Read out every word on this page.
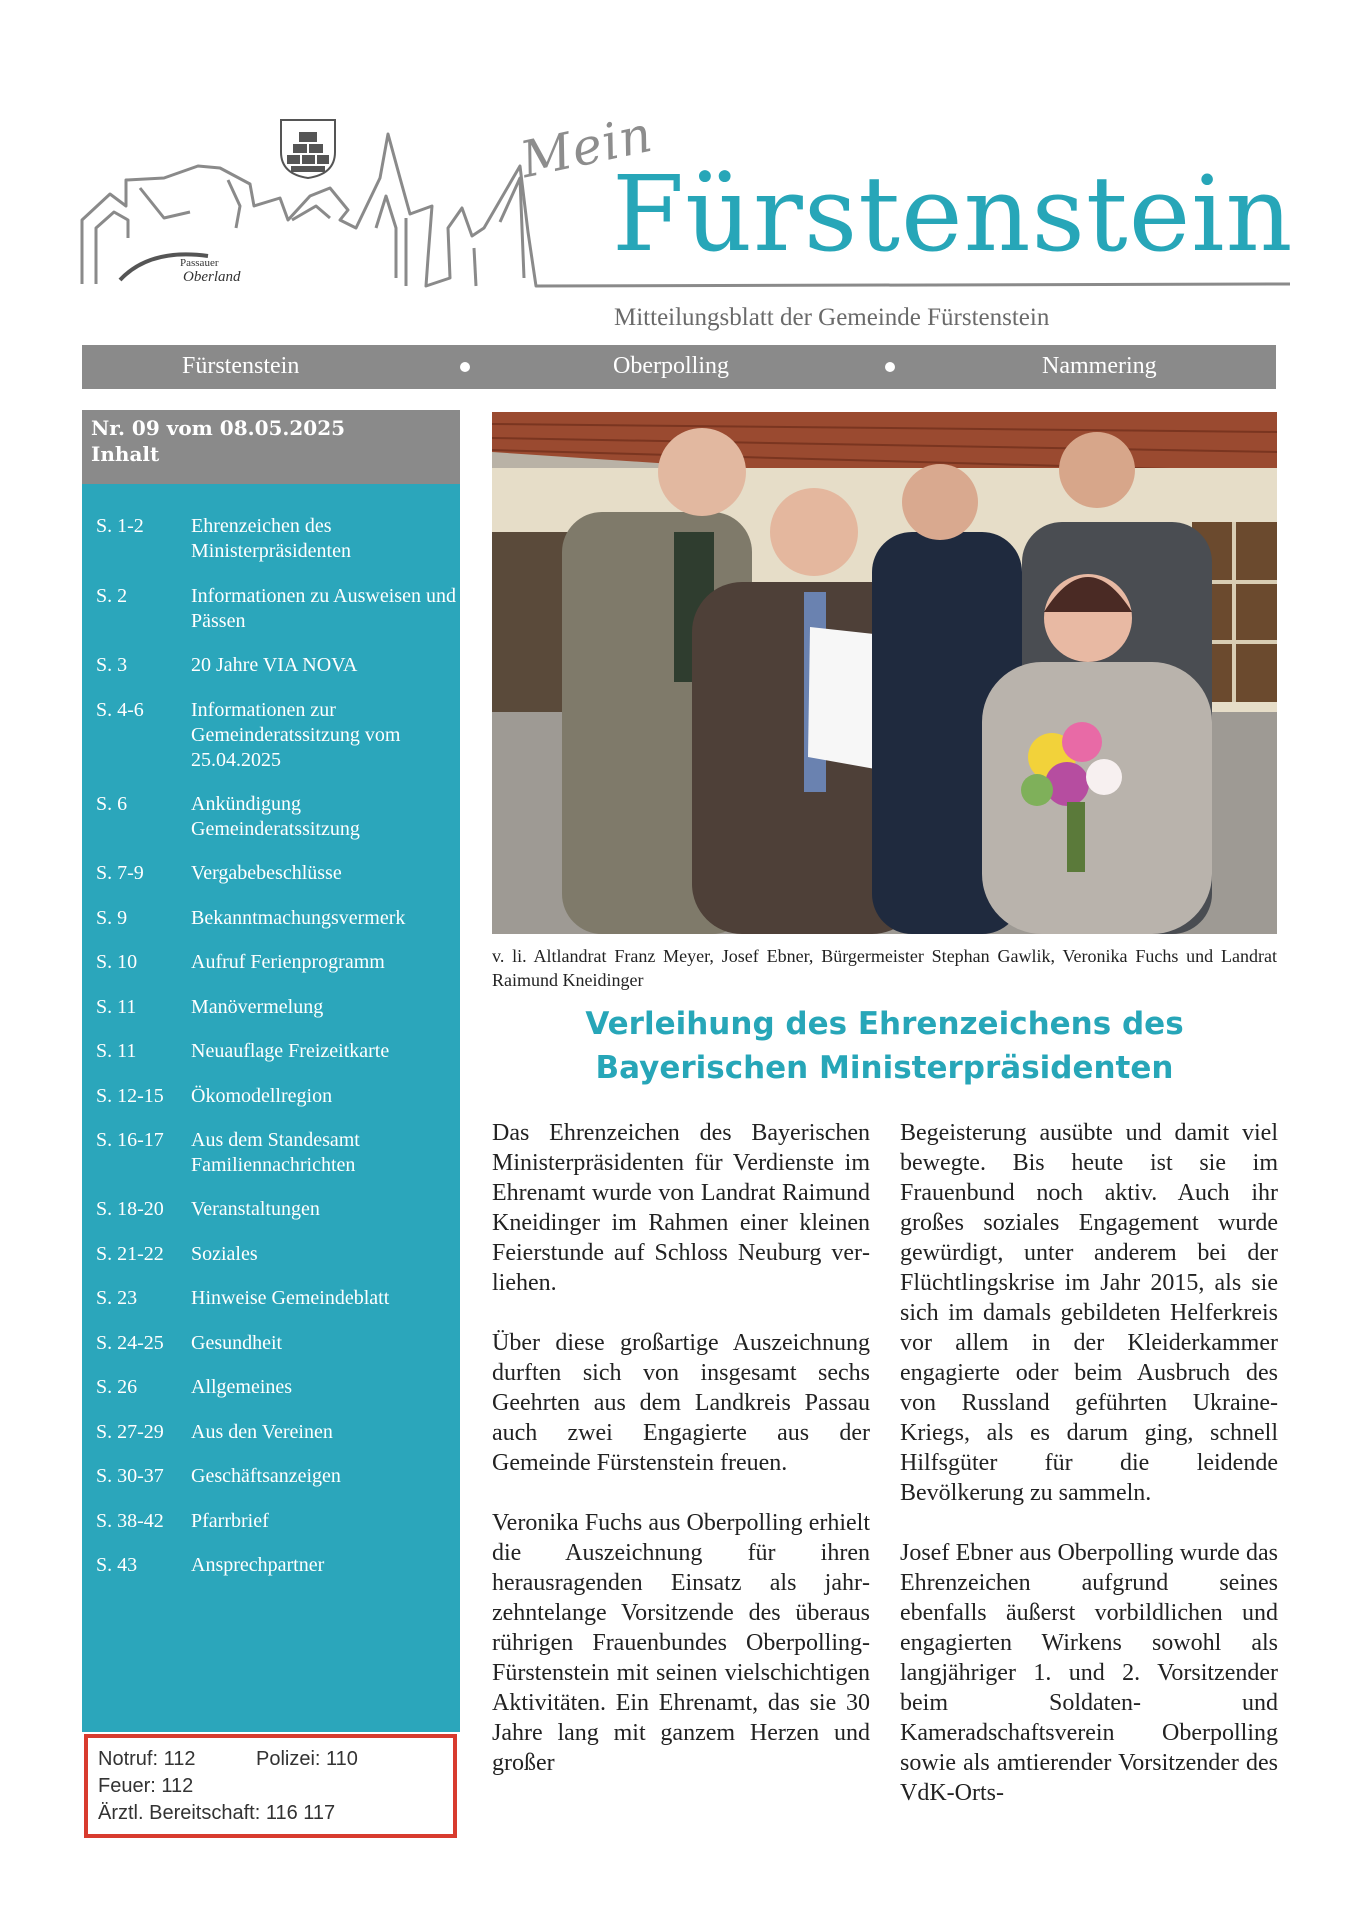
Passauer
Oberland
Mein
Fürstenstein
Mitteilungsblatt der Gemeinde Fürstenstein
Fürstenstein	Oberpolling	Nammering
Nr. 09 vom 08.05.2025
Inhalt
S. 1-2 Ehrenzeichen des Ministerpräsidenten
S. 2	Informationen zu Ausweisen und Pässen
S. 3	20 Jahre VIA NOVA
S. 4-6 Informationen zur Gemeinderatssitzung vom 25.04.2025
S. 6	Ankündigung Gemeinderatssitzung
S. 7-9 Vergabebeschlüsse
S. 9	Bekanntmachungsvermerk
S. 10	Aufruf Ferienprogramm
S. 11	Manövermelung
S. 11	Neuauflage Freizeitkarte
S. 12-15 Ökomodellregion
S. 16-17 Aus dem Standesamt Familiennachrichten
S. 18-20 Veranstaltungen
S. 21-22 Soziales
S. 23	Hinweise Gemeindeblatt
S. 24-25 Gesundheit
S. 26	Allgemeines
S. 27-29 Aus den Vereinen
S. 30-37 Geschäftsanzeigen
S. 38-42 Pfarrbrief
S. 43	Ansprechpartner
Notruf: 112	Polizei: 110
Feuer: 112
Ärztl. Bereitschaft: 116 117
v. li. Altlandrat Franz Meyer, Josef Ebner, Bürgermeister Stephan Gawlik, Veronika Fuchs und Landrat Raimund Kneidinger
Verleihung des Ehrenzeichens des
Bayerischen Ministerpräsidenten

Das Ehrenzeichen des Bayerischen Ministerpräsidenten für Verdienste im Ehrenamt wurde von Landrat Raimund Kneidinger im Rahmen einer kleinen Feierstunde auf Schloss Neuburg verliehen.

Über diese großartige Auszeichnung durften sich von insgesamt sechs Geehrten aus dem Landkreis Passau auch zwei Engagierte aus der Gemeinde Fürstenstein freuen.

Veronika Fuchs aus Oberpolling erhielt die Auszeichnung für ihren herausragenden Einsatz als jahrzehntelange Vorsitzende des überaus rührigen Frauenbundes Oberpolling-Fürstenstein mit seinen vielschichtigen Aktivitäten. Ein Ehrenamt, das sie 30 Jahre lang mit ganzem Herzen und großer

Begeisterung ausübte und damit viel bewegte. Bis heute ist sie im Frauenbund noch aktiv. Auch ihr großes soziales Engagement wurde gewürdigt, unter anderem bei der Flüchtlingskrise im Jahr 2015, als sie sich im damals gebildeten Helferkreis vor allem in der Kleiderkammer engagierte oder beim Ausbruch des von Russland geführten Ukraine-Kriegs, als es darum ging, schnell Hilfsgüter für die leidende Bevölkerung zu sammeln.

Josef Ebner aus Oberpolling wurde das Ehrenzeichen aufgrund seines ebenfalls äußerst vorbildlichen und engagierten Wirkens sowohl als langjähriger 1. und 2. Vorsitzender beim Soldaten- und Kameradschaftsverein Oberpolling sowie als amtierender Vorsitzender des VdK-Orts-
